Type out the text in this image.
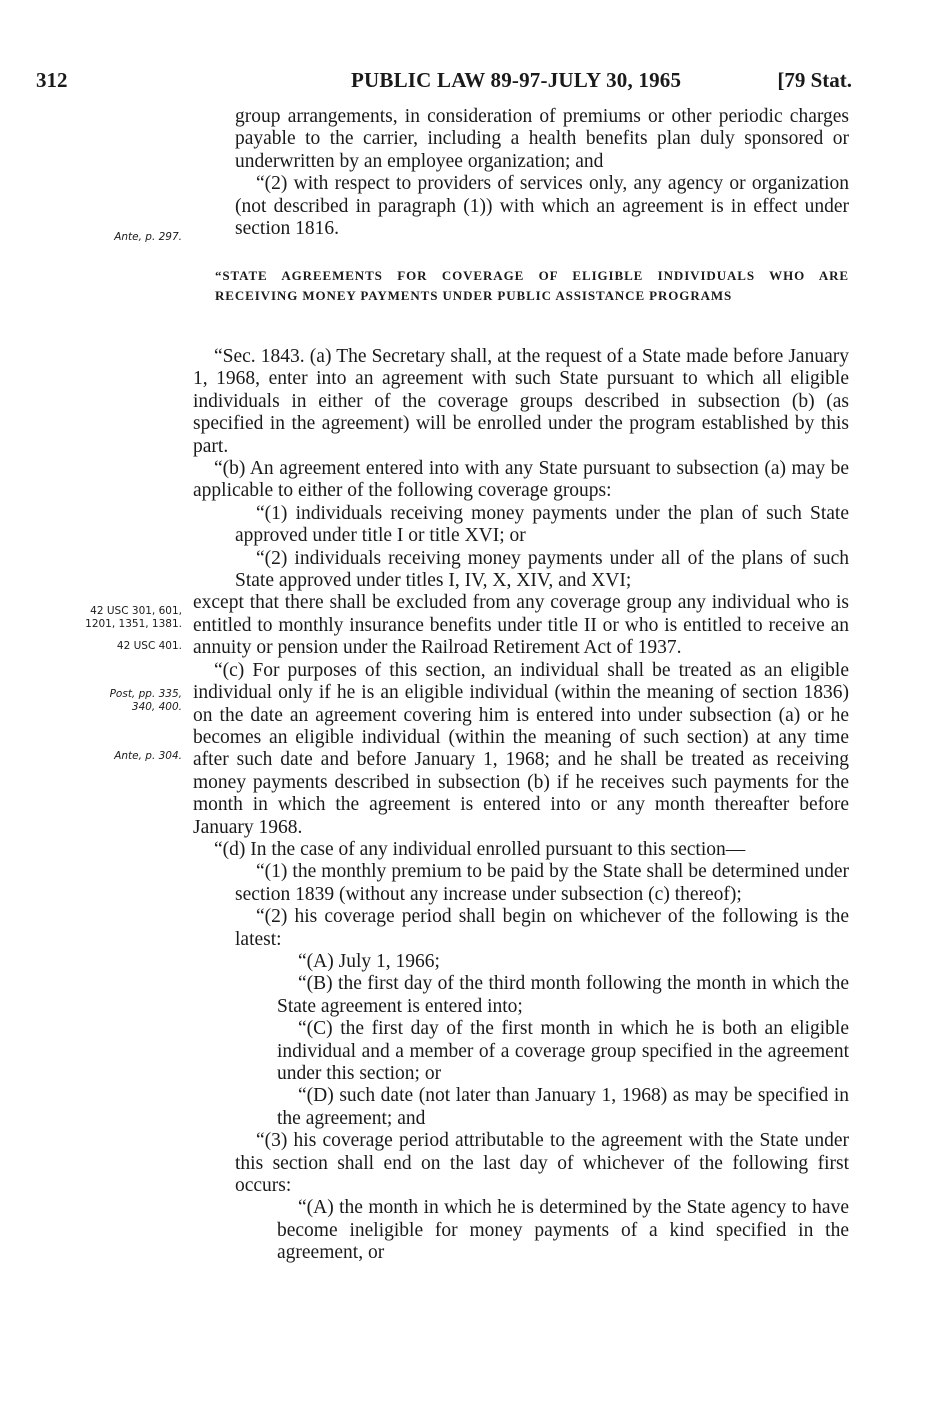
312	PUBLIC LAW 89-97-JULY 30, 1965	[79 Stat.
Ante, p. 297.
42 USC 301, 601,
1201, 1351, 1381.
42 USC 401.
Post, pp. 335,
340, 400.
Ante, p. 304.

group arrangements, in consideration of premiums or other periodic charges payable to the carrier, including a health benefits plan duly sponsored or underwritten by an employee organization; and

“(2) with respect to providers of services only, any agency or organization (not described in paragraph (1)) with which an agreement is in effect under section 1816.

“STATE AGREEMENTS FOR COVERAGE OF ELIGIBLE INDIVIDUALS WHO ARE RECEIVING MONEY PAYMENTS UNDER PUBLIC ASSISTANCE PROGRAMS

“Sec. 1843. (a) The Secretary shall, at the request of a State made before January 1, 1968, enter into an agreement with such State pursuant to which all eligible individuals in either of the coverage groups described in subsection (b) (as specified in the agreement) will be enrolled under the program established by this part.

“(b) An agreement entered into with any State pursuant to subsection (a) may be applicable to either of the following coverage groups:

“(1) individuals receiving money payments under the plan of such State approved under title I or title XVI; or

“(2) individuals receiving money payments under all of the plans of such State approved under titles I, IV, X, XIV, and XVI;

except that there shall be excluded from any coverage group any individual who is entitled to monthly insurance benefits under title II or who is entitled to receive an annuity or pension under the Railroad Retirement Act of 1937.

“(c) For purposes of this section, an individual shall be treated as an eligible individual only if he is an eligible individual (within the meaning of section 1836) on the date an agreement covering him is entered into under subsection (a) or he becomes an eligible individual (within the meaning of such section) at any time after such date and before January 1, 1968; and he shall be treated as receiving money payments described in subsection (b) if he receives such payments for the month in which the agreement is entered into or any month thereafter before January 1968.

“(d) In the case of any individual enrolled pursuant to this section—

“(1) the monthly premium to be paid by the State shall be determined under section 1839 (without any increase under subsection (c) thereof);

“(2) his coverage period shall begin on whichever of the following is the latest:

“(A) July 1, 1966;

“(B) the first day of the third month following the month in which the State agreement is entered into;

“(C) the first day of the first month in which he is both an eligible individual and a member of a coverage group specified in the agreement under this section; or

“(D) such date (not later than January 1, 1968) as may be specified in the agreement; and

“(3) his coverage period attributable to the agreement with the State under this section shall end on the last day of whichever of the following first occurs:

“(A) the month in which he is determined by the State agency to have become ineligible for money payments of a kind specified in the agreement, or
